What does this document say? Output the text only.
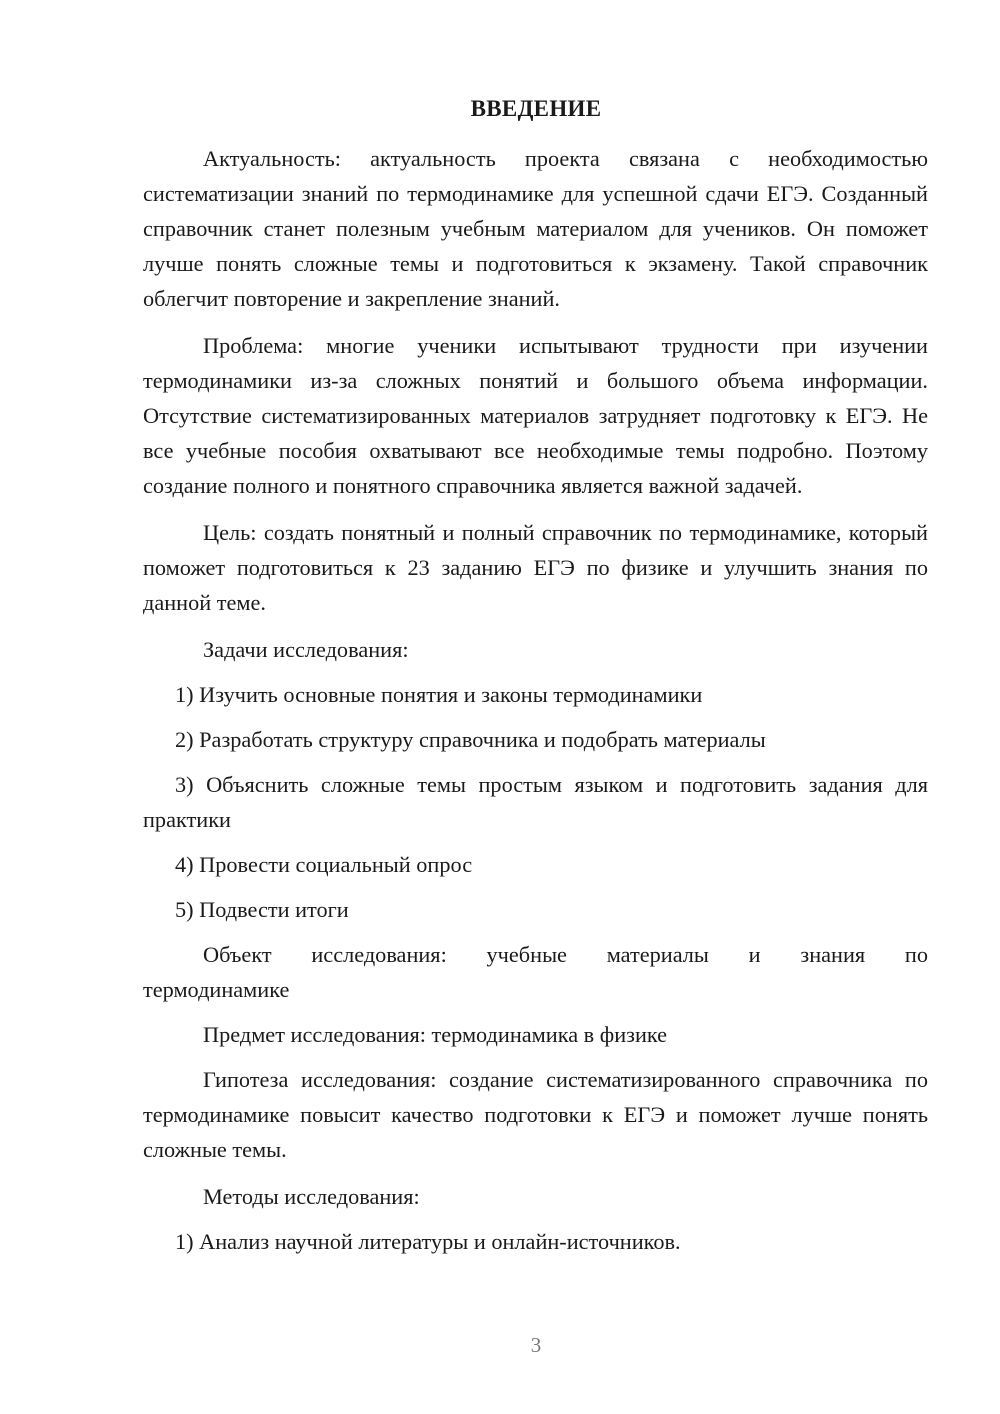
ВВЕДЕНИЕ

Актуальность: актуальность проекта связана с необходимостью систематизации знаний по термодинамике для успешной сдачи ЕГЭ. Созданный справочник станет полезным учебным материалом для учеников. Он поможет лучше понять сложные темы и подготовиться к экзамену. Такой справочник облегчит повторение и закрепление знаний.

Проблема: многие ученики испытывают трудности при изучении термодинамики из-за сложных понятий и большого объема информации. Отсутствие систематизированных материалов затрудняет подготовку к ЕГЭ. Не все учебные пособия охватывают все необходимые темы подробно. Поэтому создание полного и понятного справочника является важной задачей.

Цель: создать понятный и полный справочник по термодинамике, который поможет подготовиться к 23 заданию ЕГЭ по физике и улучшить знания по данной теме.

Задачи исследования:

1) Изучить основные понятия и законы термодинамики

2) Разработать структуру справочника и подобрать материалы

3) Объяснить сложные темы простым языком и подготовить задания для практики

4) Провести социальный опрос

5) Подвести итоги

Объект исследования: учебные материалы и знания по

термодинамике

Предмет исследования: термодинамика в физике

Гипотеза исследования: создание систематизированного справочника по термодинамике повысит качество подготовки к ЕГЭ и поможет лучше понять сложные темы.

Методы исследования:

1) Анализ научной литературы и онлайн-источников.

3
